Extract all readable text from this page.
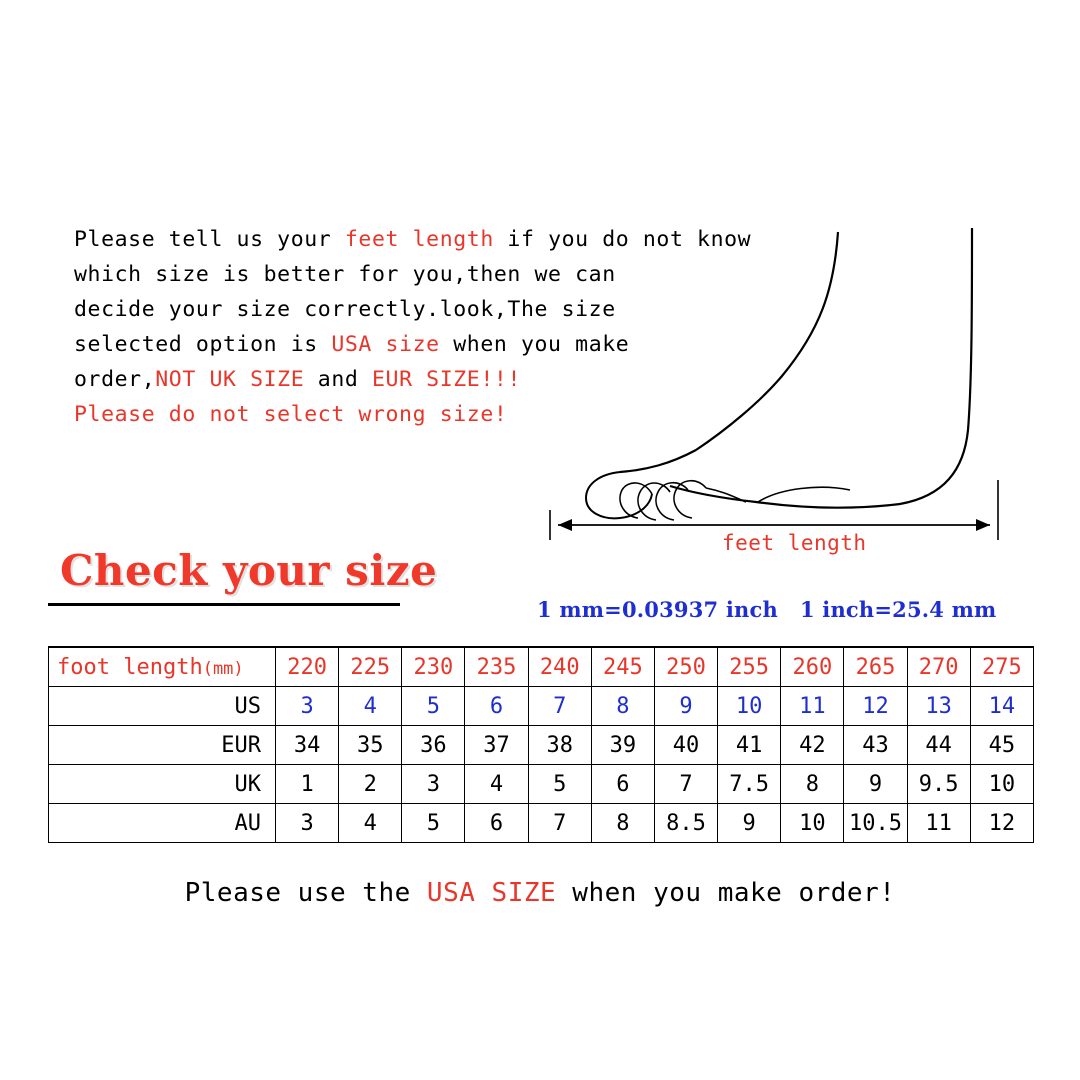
Please tell us your feet length if you do not know
which size is better for you,then we can
decide your size correctly.look,The size
selected option is USA size when you make
order,NOT UK SIZE and EUR SIZE!!!
Please do not select wrong size!
feet length
Check your size
1 mm=0.03937 inch 1 inch=25.4 mm
foot length(mm)	220	225	230	235	240	245	250	255	260	265	270	275
US	3	4	5	6	7	8	9	10	11	12	13	14
EUR	34	35	36	37	38	39	40	41	42	43	44	45
UK	1	2	3	4	5	6	7	7.5	8	9	9.5	10
AU	3	4	5	6	7	8	8.5	9	10	10.5	11	12
Please use the USA SIZE when you make order!
